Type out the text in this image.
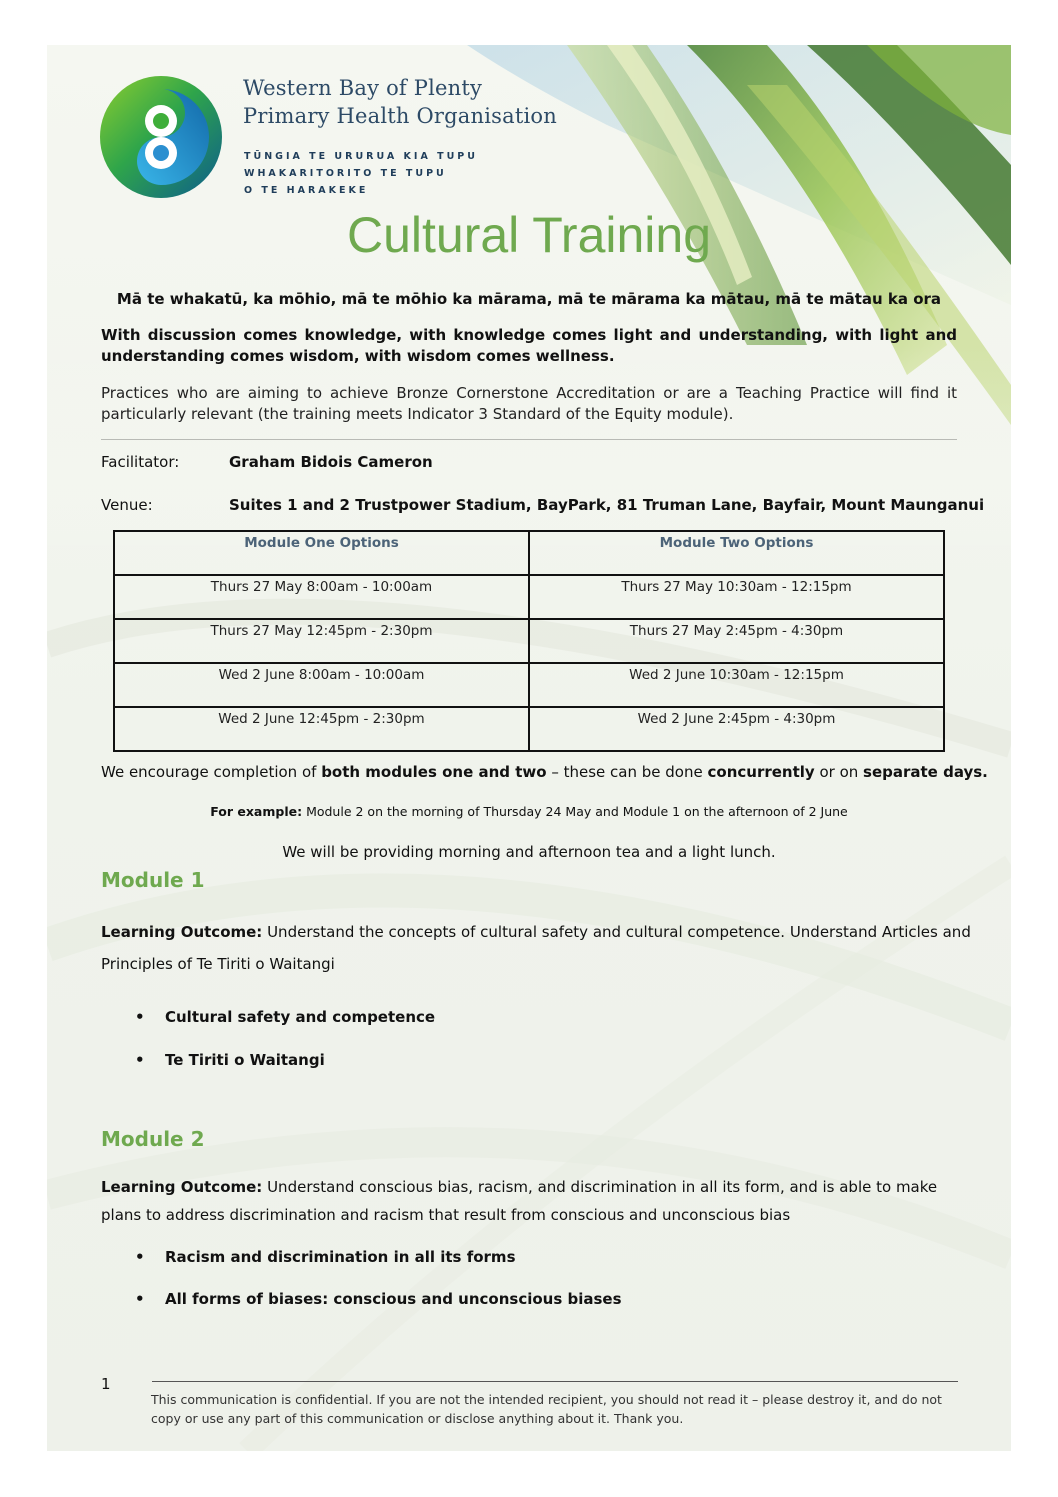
Western Bay of Plenty
Primary Health Organisation
TŪNGIA TE URURUA KIA TUPU
WHAKARITORITO TE TUPU
O TE HARAKEKE
Cultural Training
Mā te whakatū, ka mōhio, mā te mōhio ka mārama, mā te mārama ka mātau, mā te mātau ka ora
With discussion comes knowledge, with knowledge comes light and understanding, with light and understanding comes wisdom, with wisdom comes wellness.
Practices who are aiming to achieve Bronze Cornerstone Accreditation or are a Teaching Practice will find it particularly relevant (the training meets Indicator 3 Standard of the Equity module).
Facilitator:	Graham Bidois Cameron
Venue:	Suites 1 and 2 Trustpower Stadium, BayPark, 81 Truman Lane, Bayfair, Mount Maunganui
Module One Options	Module Two Options
Thurs 27 May 8:00am - 10:00am	Thurs 27 May 10:30am - 12:15pm
Thurs 27 May 12:45pm - 2:30pm	Thurs 27 May 2:45pm - 4:30pm
Wed 2 June 8:00am - 10:00am	Wed 2 June 10:30am - 12:15pm
Wed 2 June 12:45pm - 2:30pm	Wed 2 June 2:45pm - 4:30pm
We encourage completion of both modules one and two – these can be done concurrently or on separate days.
For example: Module 2 on the morning of Thursday 24 May and Module 1 on the afternoon of 2 June
We will be providing morning and afternoon tea and a light lunch.
Module 1
Learning Outcome: Understand the concepts of cultural safety and cultural competence. Understand Articles and
Principles of Te Tiriti o Waitangi
• Cultural safety and competence
• Te Tiriti o Waitangi
Module 2
Learning Outcome: Understand conscious bias, racism, and discrimination in all its form, and is able to make
plans to address discrimination and racism that result from conscious and unconscious bias
• Racism and discrimination in all its forms
• All forms of biases: conscious and unconscious biases
1
This communication is confidential. If you are not the intended recipient, you should not read it – please destroy it, and do not copy or use any part of this communication or disclose anything about it. Thank you.
